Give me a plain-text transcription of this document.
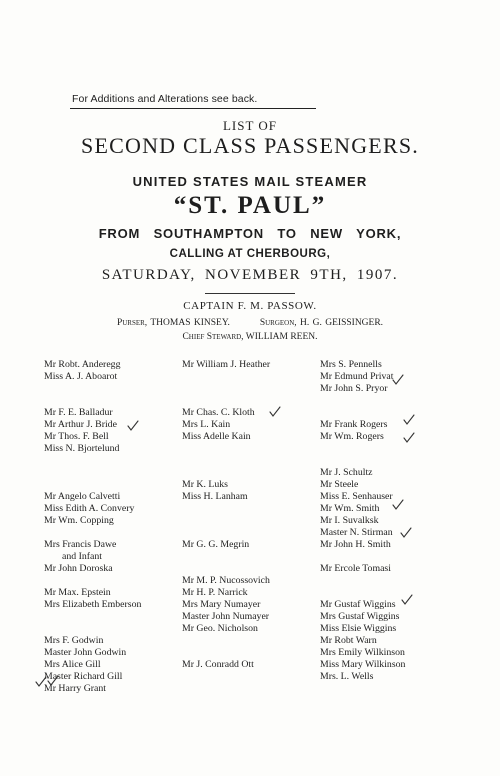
For Additions and Alterations see back.
LIST OF
SECOND CLASS PASSENGERS.
UNITED STATES MAIL STEAMER
“ST. PAUL”
FROM SOUTHAMPTON TO NEW YORK,
CALLING AT CHERBOURG,
SATURDAY, NOVEMBER 9TH, 1907.
CAPTAIN F. M. PASSOW.
Purser, THOMAS KINSEY.	Surgeon, H. G. GEISSINGER.
Chief Steward, WILLIAM REEN.
Mr Robt. Anderegg
Miss A. J. Aboarot
Mr F. E. Balladur
Mr Arthur J. Bride
Mr Thos. F. Bell
Miss N. Bjortelund
Mr Angelo Calvetti
Miss Edith A. Convery
Mr Wm. Copping
Mrs Francis Dawe
and Infant
Mr John Doroska
Mr Max. Epstein
Mrs Elizabeth Emberson
Mrs F. Godwin
Master John Godwin
Mrs Alice Gill
Master Richard Gill
Mr Harry Grant
Mr William J. Heather
Mr Chas. C. Kloth
Mrs L. Kain
Miss Adelle Kain
Mr K. Luks
Miss H. Lanham
Mr G. G. Megrin
Mr M. P. Nucossovich
Mr H. P. Narrick
Mrs Mary Numayer
Master John Numayer
Mr Geo. Nicholson
Mr J. Conradd Ott
Mrs S. Pennells
Mr Edmund Privat
Mr John S. Pryor
Mr Frank Rogers
Mr Wm. Rogers
Mr J. Schultz
Mr Steele
Miss E. Senhauser
Mr Wm. Smith
Mr I. Suvalksk
Master N. Stirman
Mr John H. Smith
Mr Ercole Tomasi
Mr Gustaf Wiggins
Mrs Gustaf Wiggins
Miss Elsie Wiggins
Mr Robt Warn
Mrs Emily Wilkinson
Miss Mary Wilkinson
Mrs. L. Wells
